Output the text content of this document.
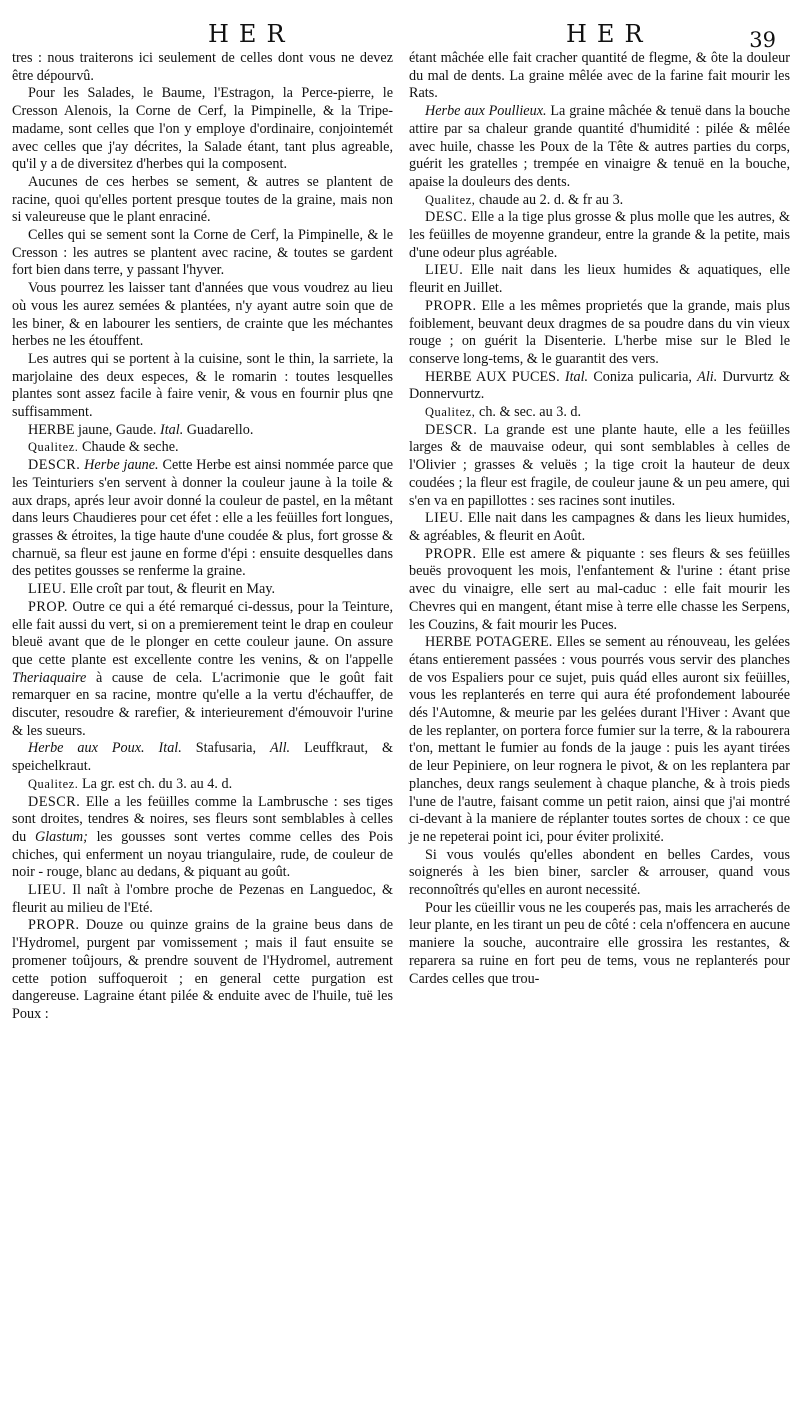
HER	HER	39

tres : nous traiterons ici seulement de celles dont vous ne devez être dépourvû.

Pour les Salades, le Baume, l'Estragon, la Perce-pierre, le Cresson Alenois, la Corne de Cerf, la Pimpinelle, & la Tripe-madame, sont celles que l'on y employe d'ordinaire, conjointemét avec celles que j'ay décrites, la Salade étant, tant plus agreable, qu'il y a de diversitez d'herbes qui la composent.

Aucunes de ces herbes se sement, & autres se plantent de racine, quoi qu'elles portent presque toutes de la graine, mais non si valeureuse que le plant enraciné.

Celles qui se sement sont la Corne de Cerf, la Pimpinelle, & le Cresson : les autres se plantent avec racine, & toutes se gardent fort bien dans terre, y passant l'hyver.

Vous pourrez les laisser tant d'années que vous voudrez au lieu où vous les aurez semées & plantées, n'y ayant autre soin que de les biner, & en labourer les sentiers, de crainte que les méchantes herbes ne les étouffent.

Les autres qui se portent à la cuisine, sont le thin, la sarriete, la marjolaine des deux especes, & le romarin : toutes lesquelles plantes sont assez facile à faire venir, & vous en fournir plus qne suffisamment.

HERBE jaune, Gaude. Ital. Guadarello.

Qualitez. Chaude & seche.

DESCR. Herbe jaune. Cette Herbe est ainsi nommée parce que les Teinturiers s'en servent à donner la couleur jaune à la toile & aux draps, aprés leur avoir donné la couleur de pastel, en la mêtant dans leurs Chaudieres pour cet éfet : elle a les feüilles fort longues, grasses & étroites, la tige haute d'une coudée & plus, fort grosse & charnuë, sa fleur est jaune en forme d'épi : ensuite desquelles dans des petites gousses se renferme la graine.

LIEU. Elle croît par tout, & fleurit en May.

PROP. Outre ce qui a été remarqué ci-dessus, pour la Teinture, elle fait aussi du vert, si on a premierement teint le drap en couleur bleuë avant que de le plonger en cette couleur jaune. On assure que cette plante est excellente contre les venins, & on l'appelle Theriaquaire à cause de cela. L'acrimonie que le goût fait remarquer en sa racine, montre qu'elle a la vertu d'échauffer, de discuter, resoudre & rarefier, & interieurement d'émouvoir l'urine & les sueurs.

Herbe aux Poux. Ital. Stafusaria, All. Leuffkraut, & speichelkraut.

Qualitez. La gr. est ch. du 3. au 4. d.

DESCR. Elle a les feüilles comme la Lambrusche : ses tiges sont droites, tendres & noires, ses fleurs sont semblables à celles du Glastum; les gousses sont vertes comme celles des Pois chiches, qui enferment un noyau triangulaire, rude, de couleur de noir - rouge, blanc au dedans, & piquant au goût.

LIEU. Il naît à l'ombre proche de Pezenas en Languedoc, & fleurit au milieu de l'Eté.

PROPR. Douze ou quinze grains de la graine beus dans de l'Hydromel, purgent par vomissement ; mais il faut ensuite se promener toûjours, & prendre souvent de l'Hydromel, autrement cette potion suffoqueroit ; en general cette purgation est dangereuse. Lagraine étant pilée & enduite avec de l'huile, tuë les Poux :

étant mâchée elle fait cracher quantité de flegme, & ôte la douleur du mal de dents. La graine mêlée avec de la farine fait mourir les Rats.

Herbe aux Poullieux. La graine mâchée & tenuë dans la bouche attire par sa chaleur grande quantité d'humidité : pilée & mêlée avec huile, chasse les Poux de la Tête & autres parties du corps, guérit les gratelles ; trempée en vinaigre & tenuë en la bouche, apaise la douleurs des dents.

Qualitez, chaude au 2. d. & fr au 3.

DESC. Elle a la tige plus grosse & plus molle que les autres, & les feüilles de moyenne grandeur, entre la grande & la petite, mais d'une odeur plus agréable.

LIEU. Elle nait dans les lieux humides & aquatiques, elle fleurit en Juillet.

PROPR. Elle a les mêmes proprietés que la grande, mais plus foiblement, beuvant deux dragmes de sa poudre dans du vin vieux rouge ; on guérit la Disenterie. L'herbe mise sur le Bled le conserve long-tems, & le guarantit des vers.

HERBE AUX PUCES. Ital. Coniza pulicaria, Ali. Durvurtz & Donnervurtz.

Qualitez, ch. & sec. au 3. d.

DESCR. La grande est une plante haute, elle a les feüilles larges & de mauvaise odeur, qui sont semblables à celles de l'Olivier ; grasses & veluës ; la tige croit la hauteur de deux coudées ; la fleur est fragile, de couleur jaune & un peu amere, qui s'en va en papillottes : ses racines sont inutiles.

LIEU. Elle nait dans les campagnes & dans les lieux humides, & agréables, & fleurit en Août.

PROPR. Elle est amere & piquante : ses fleurs & ses feüilles beuës provoquent les mois, l'enfantement & l'urine : étant prise avec du vinaigre, elle sert au mal-caduc : elle fait mourir les Chevres qui en mangent, étant mise à terre elle chasse les Serpens, les Couzins, & fait mourir les Puces.

HERBE POTAGERE. Elles se sement au rénouveau, les gelées étans entierement passées : vous pourrés vous servir des planches de vos Espaliers pour ce sujet, puis quád elles auront six feüilles, vous les replanterés en terre qui aura été profondement labourée dés l'Automne, & meurie par les gelées durant l'Hiver : Avant que de les replanter, on portera force fumier sur la terre, & la rabourera t'on, mettant le fumier au fonds de la jauge : puis les ayant tirées de leur Pepiniere, on leur rognera le pivot, & on les replantera par planches, deux rangs seulement à chaque planche, & à trois pieds l'une de l'autre, faisant comme un petit raion, ainsi que j'ai montré ci-devant à la maniere de réplanter toutes sortes de choux : ce que je ne repeterai point ici, pour éviter prolixité.

Si vous voulés qu'elles abondent en belles Cardes, vous soignerés à les bien biner, sarcler & arrouser, quand vous reconnoîtrés qu'elles en auront necessité.

Pour les cüeillir vous ne les couperés pas, mais les arracherés de leur plante, en les tirant un peu de côté : cela n'offencera en aucune maniere la souche, aucontraire elle grossira les restantes, & reparera sa ruine en fort peu de tems, vous ne replanterés pour Cardes celles que trou-
